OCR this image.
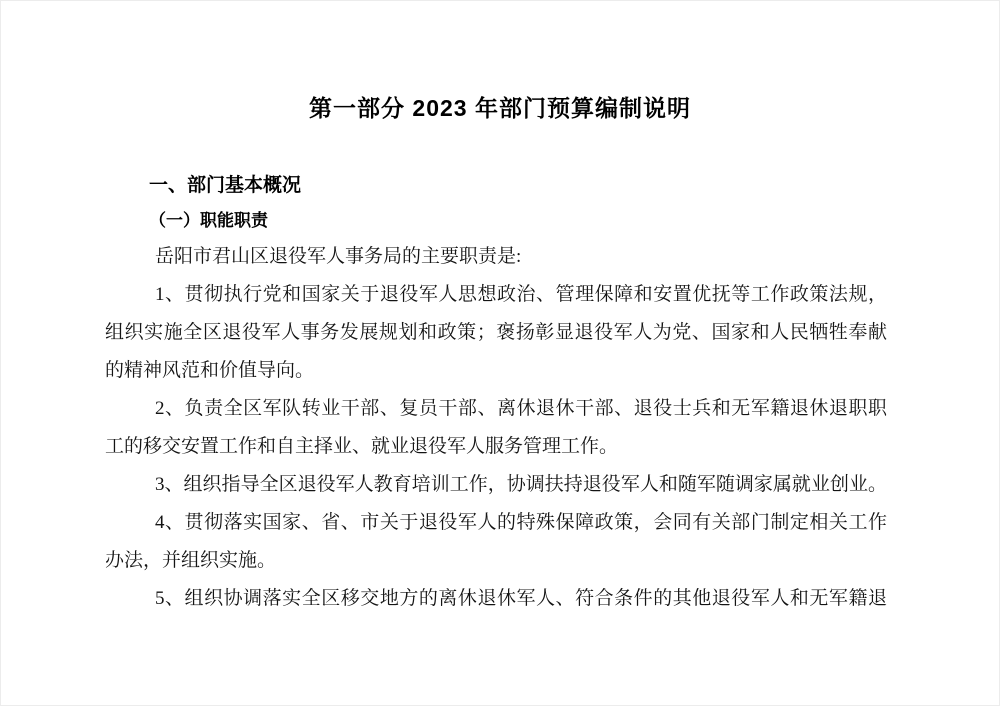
第一部分 2023 年部门预算编制说明
一、部门基本概况
（一）职能职责
岳阳市君山区退役军人事务局的主要职责是:
1、贯彻执行党和国家关于退役军人思想政治、管理保障和安置优抚等工作政策法规，
组织实施全区退役军人事务发展规划和政策；褒扬彰显退役军人为党、国家和人民牺牲奉献
的精神风范和价值导向。
2、负责全区军队转业干部、复员干部、离休退休干部、退役士兵和无军籍退休退职职
工的移交安置工作和自主择业、就业退役军人服务管理工作。
3、组织指导全区退役军人教育培训工作，协调扶持退役军人和随军随调家属就业创业。
4、贯彻落实国家、省、市关于退役军人的特殊保障政策，会同有关部门制定相关工作
办法，并组织实施。
5、组织协调落实全区移交地方的离休退休军人、符合条件的其他退役军人和无军籍退
